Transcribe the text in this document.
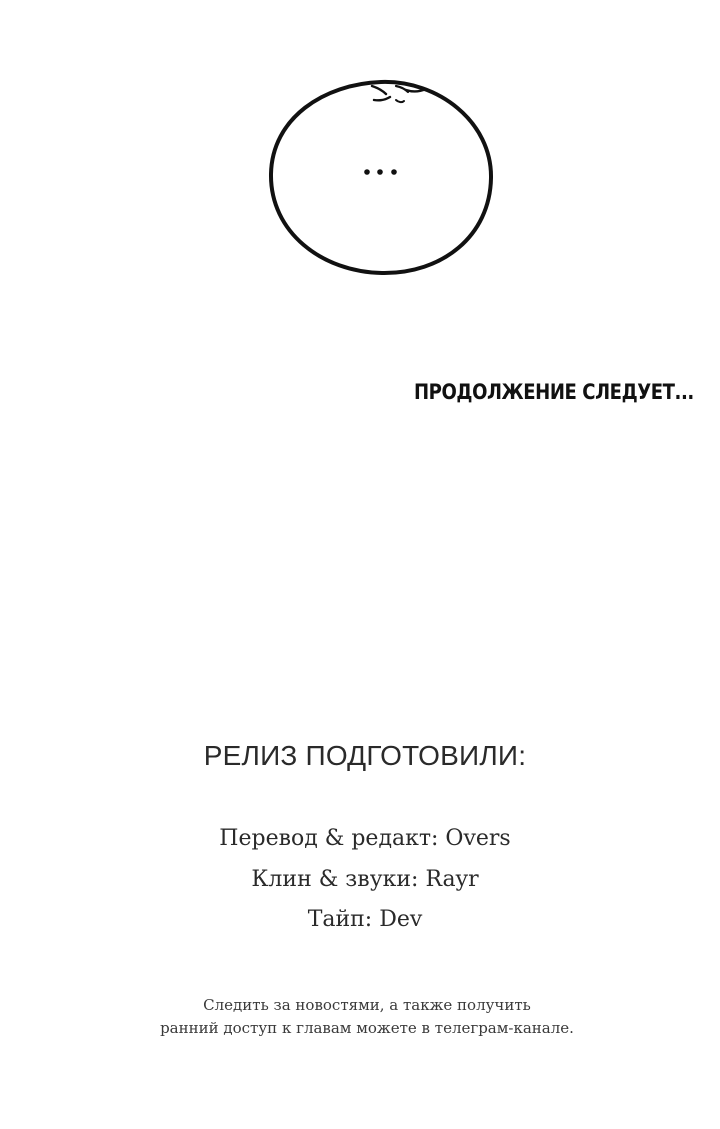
ПРОДОЛЖЕНИЕ СЛЕДУЕТ...
РЕЛИЗ ПОДГОТОВИЛИ:
Перевод & редакт: Overs
Клин & звуки: Rayr
Тайп: Dev
Следить за новостями, а также получить
ранний доступ к главам можете в телеграм-канале.
